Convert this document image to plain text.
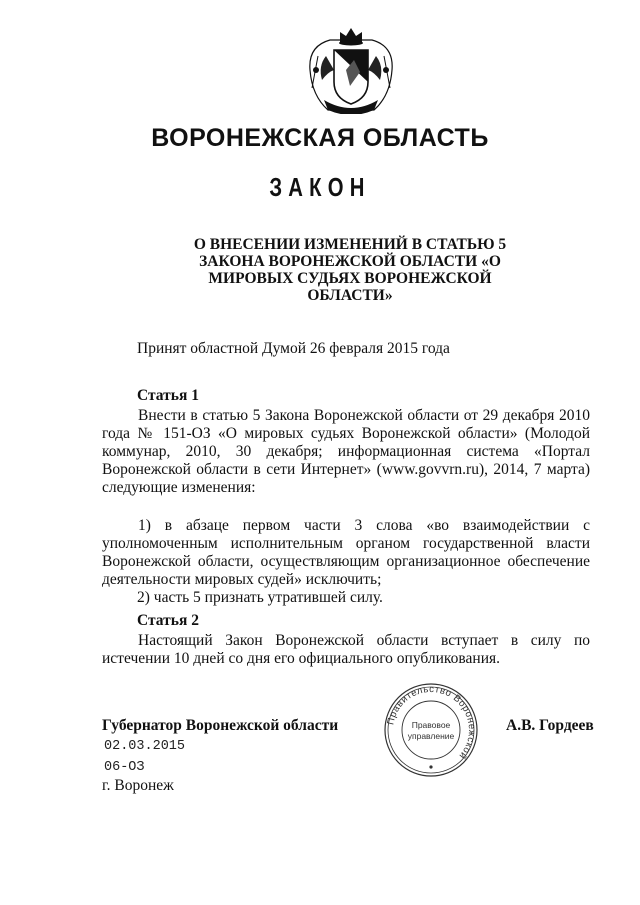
ВОРОНЕЖСКАЯ ОБЛАСТЬ
ЗАКОН
О ВНЕСЕНИИ ИЗМЕНЕНИЙ В СТАТЬЮ 5
ЗАКОНА ВОРОНЕЖСКОЙ ОБЛАСТИ «О
МИРОВЫХ СУДЬЯХ ВОРОНЕЖСКОЙ
ОБЛАСТИ»
Принят областной Думой 26 февраля 2015 года
Статья 1
Внести в статью 5 Закона Воронежской области от 29 декабря 2010 года № 151-ОЗ «О мировых судьях Воронежской области» (Молодой коммунар, 2010, 30 декабря; информационная система «Портал Воронежской области в сети Интернет» (www.govvrn.ru), 2014, 7 марта) следующие изменения:
1) в абзаце первом части 3 слова «во взаимодействии с уполномоченным исполнительным органом государственной власти Воронежской области, осуществляющим организационное обеспечение деятельности мировых судей» исключить;
2) часть 5 признать утратившей силу.
Статья 2
Настоящий Закон Воронежской области вступает в силу по истечении 10 дней со дня его официального опубликования.
Губернатор Воронежской области
02.03.2015
06-ОЗ
г. Воронеж
А.В. Гордеев
Правительство Воронежской
Правовое
управление
